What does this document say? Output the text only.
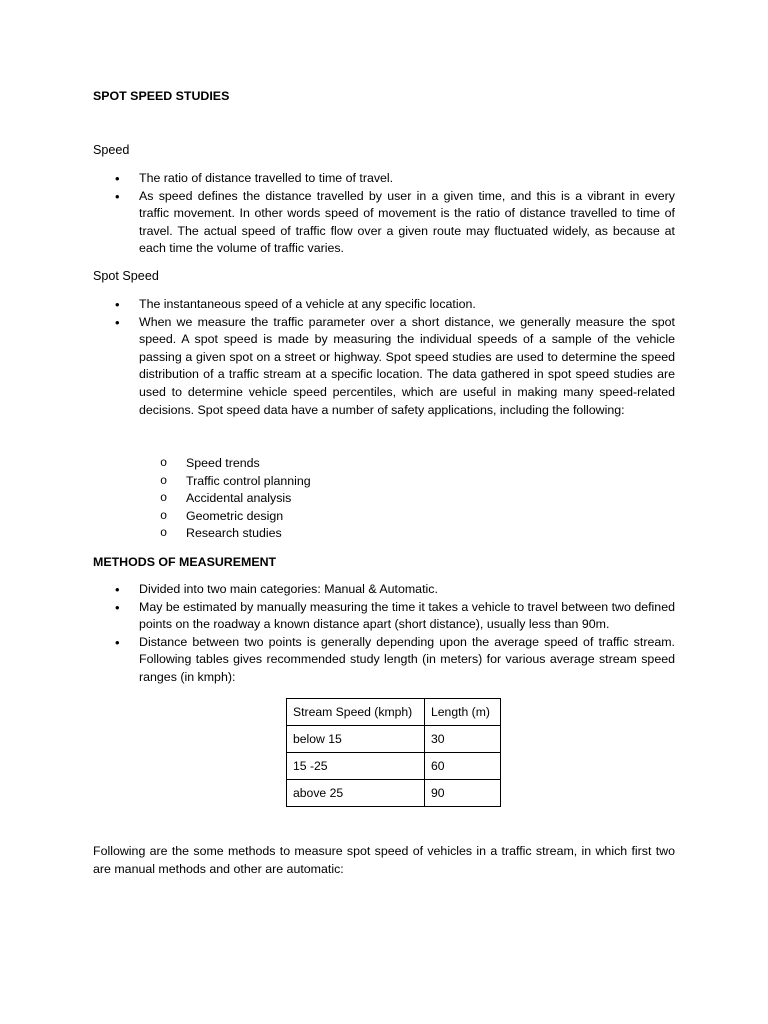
SPOT SPEED STUDIES

Speed

• The ratio of distance travelled to time of travel.
• As speed defines the distance travelled by user in a given time, and this is a vibrant in every traffic movement. In other words speed of movement is the ratio of distance travelled to time of travel. The actual speed of traffic flow over a given route may fluctuated widely, as because at each time the volume of traffic varies.

Spot Speed

• The instantaneous speed of a vehicle at any specific location.
• When we measure the traffic parameter over a short distance, we generally measure the spot speed. A spot speed is made by measuring the individual speeds of a sample of the vehicle passing a given spot on a street or highway. Spot speed studies are used to determine the speed distribution of a traffic stream at a specific location. The data gathered in spot speed studies are used to determine vehicle speed percentiles, which are useful in making many speed-related decisions. Spot speed data have a number of safety applications, including the following:
o Speed trends
o Traffic control planning
o Accidental analysis
o Geometric design
o Research studies

METHODS OF MEASUREMENT

• Divided into two main categories: Manual & Automatic.
• May be estimated by manually measuring the time it takes a vehicle to travel between two defined points on the roadway a known distance apart (short distance), usually less than 90m.
• Distance between two points is generally depending upon the average speed of traffic stream. Following tables gives recommended study length (in meters) for various average stream speed ranges (in kmph):
Stream Speed (kmph)	Length (m)
below 15	30
15 -25	60
above 25	90

Following are the some methods to measure spot speed of vehicles in a traffic stream, in which first two are manual methods and other are automatic:
